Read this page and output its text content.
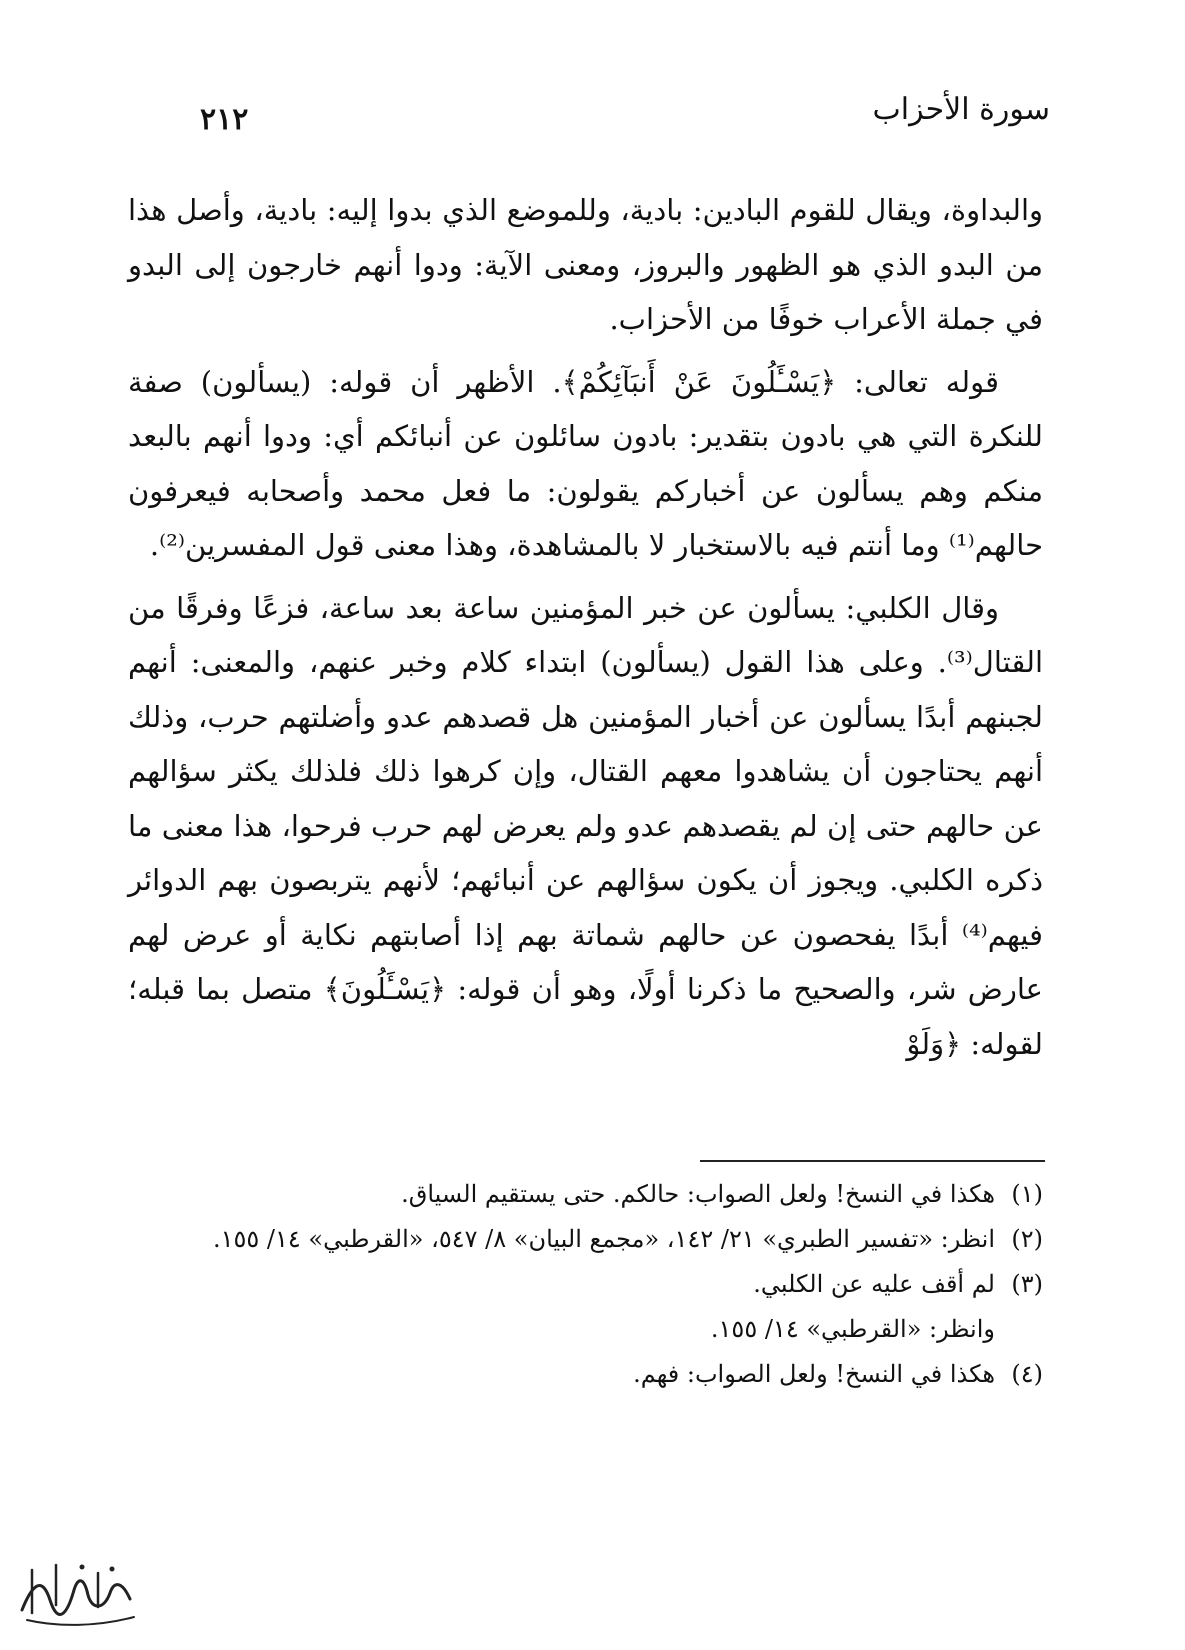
٢١٢	سورة الأحزاب

والبداوة، ويقال للقوم البادين: بادية، وللموضع الذي بدوا إليه: بادية، وأصل هذا من البدو الذي هو الظهور والبروز، ومعنى الآية: ودوا أنهم خارجون إلى البدو في جملة الأعراب خوفًا من الأحزاب.

قوله تعالى: ﴿يَسْـَٔلُونَ عَنْ أَنبَآئِكُمْ﴾. الأظهر أن قوله: (يسألون) صفة للنكرة التي هي بادون بتقدير: بادون سائلون عن أنبائكم أي: ودوا أنهم بالبعد منكم وهم يسألون عن أخباركم يقولون: ما فعل محمد وأصحابه فيعرفون حالهم⁽¹⁾ وما أنتم فيه بالاستخبار لا بالمشاهدة، وهذا معنى قول المفسرين⁽²⁾.

وقال الكلبي: يسألون عن خبر المؤمنين ساعة بعد ساعة، فزعًا وفرقًا من القتال⁽³⁾. وعلى هذا القول (يسألون) ابتداء كلام وخبر عنهم، والمعنى: أنهم لجبنهم أبدًا يسألون عن أخبار المؤمنين هل قصدهم عدو وأضلتهم حرب، وذلك أنهم يحتاجون أن يشاهدوا معهم القتال، وإن كرهوا ذلك فلذلك يكثر سؤالهم عن حالهم حتى إن لم يقصدهم عدو ولم يعرض لهم حرب فرحوا، هذا معنى ما ذكره الكلبي. ويجوز أن يكون سؤالهم عن أنبائهم؛ لأنهم يتربصون بهم الدوائر فيهم⁽⁴⁾ أبدًا يفحصون عن حالهم شماتة بهم إذا أصابتهم نكاية أو عرض لهم عارض شر، والصحيح ما ذكرنا أولًا، وهو أن قوله: ﴿يَسْـَٔلُونَ﴾ متصل بما قبله؛ لقوله: ﴿وَلَوْ

(١)
هكذا في النسخ! ولعل الصواب: حالكم. حتى يستقيم السياق.
(٢)
انظر: «تفسير الطبري» ٢١/ ١٤٢، «مجمع البيان» ٨/ ٥٤٧، «القرطبي» ١٤/ ١٥٥.
(٣)
لم أقف عليه عن الكلبي.
وانظر: «القرطبي» ١٤/ ١٥٥.
(٤)
هكذا في النسخ! ولعل الصواب: فهم.
